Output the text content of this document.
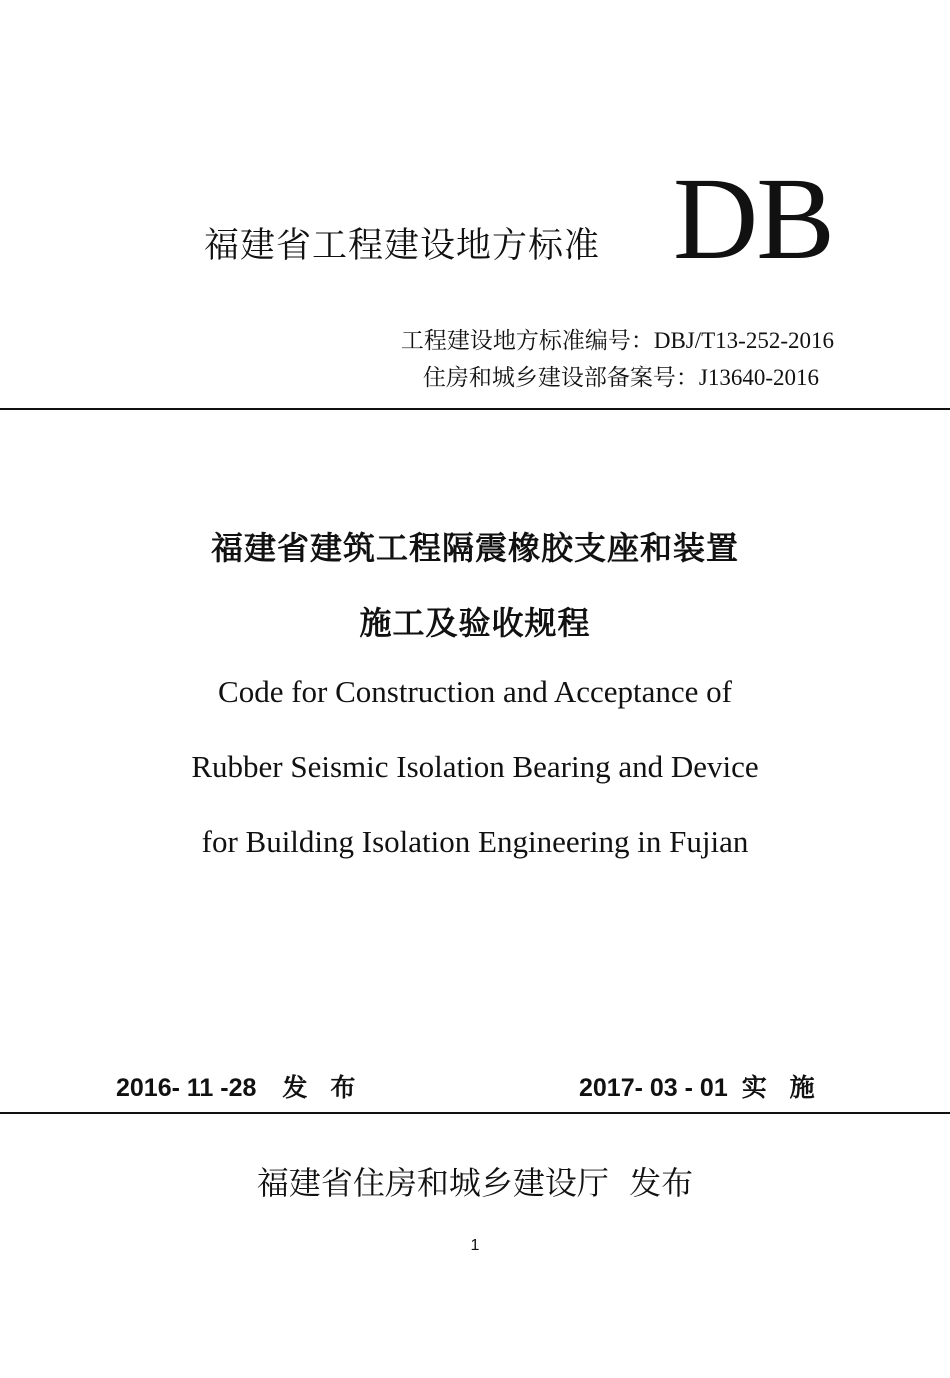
福建省工程建设地方标准 DB
工程建设地方标准编号：DBJ/T13-252-2016
住房和城乡建设部备案号：J13640-2016
福建省建筑工程隔震橡胶支座和装置
施工及验收规程
Code for Construction and Acceptance of
Rubber Seismic Isolation Bearing and Device
for Building Isolation Engineering in Fujian
2016- 11 -28 发 布	2017- 03 - 01 实 施
福建省住房和城乡建设厅  发布
1
